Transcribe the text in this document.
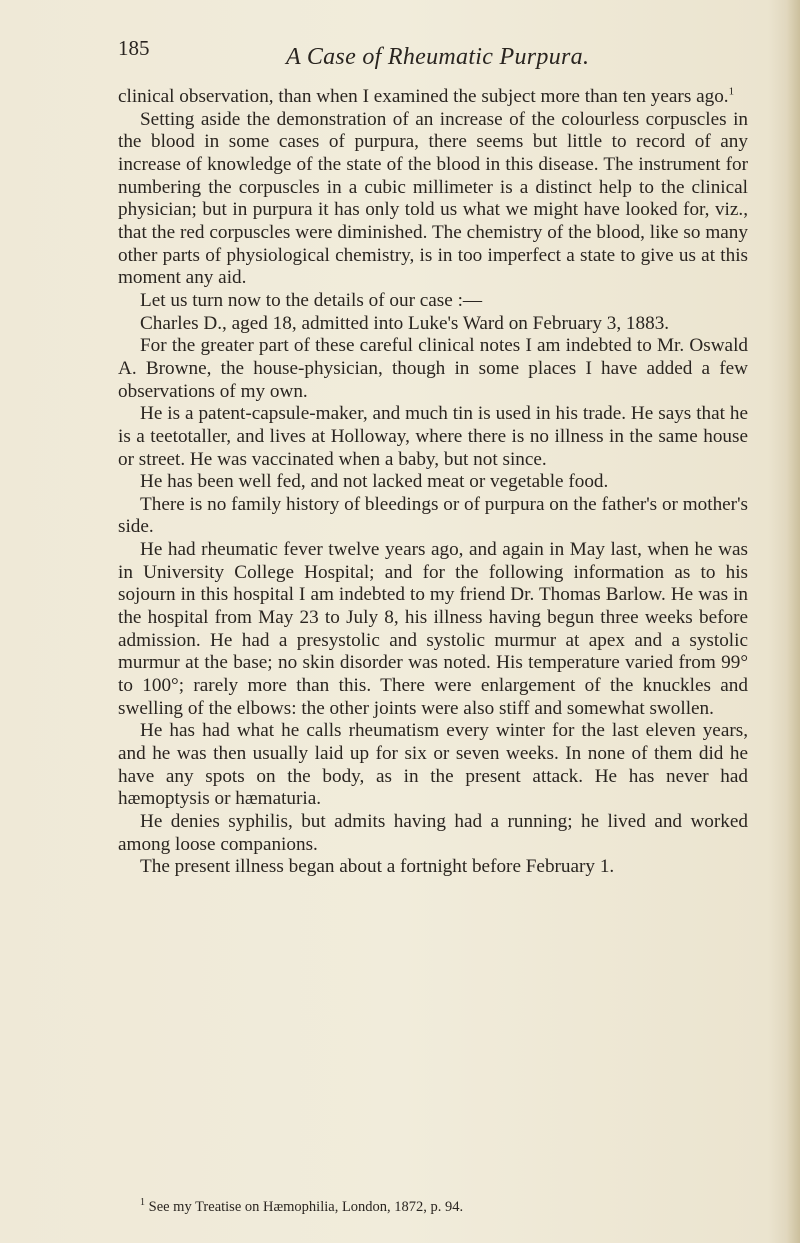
185	A Case of Rheumatic Purpura.

clinical observation, than when I examined the subject more than ten years ago.$^1$

Setting aside the demonstration of an increase of the colourless corpuscles in the blood in some cases of purpura, there seems but little to record of any increase of knowledge of the state of the blood in this disease. The instrument for numbering the corpuscles in a cubic millimeter is a distinct help to the clinical physician; but in purpura it has only told us what we might have looked for, viz., that the red corpuscles were diminished. The chemistry of the blood, like so many other parts of physiological chemistry, is in too imperfect a state to give us at this moment any aid.

Let us turn now to the details of our case :—

Charles D., aged 18, admitted into Luke's Ward on February 3, 1883.

For the greater part of these careful clinical notes I am indebted to Mr. Oswald A. Browne, the house-physician, though in some places I have added a few observations of my own.

He is a patent-capsule-maker, and much tin is used in his trade. He says that he is a teetotaller, and lives at Holloway, where there is no illness in the same house or street. He was vaccinated when a baby, but not since.

He has been well fed, and not lacked meat or vegetable food.

There is no family history of bleedings or of purpura on the father's or mother's side.

He had rheumatic fever twelve years ago, and again in May last, when he was in University College Hospital; and for the following information as to his sojourn in this hospital I am indebted to my friend Dr. Thomas Barlow. He was in the hospital from May 23 to July 8, his illness having begun three weeks before admission. He had a presystolic and systolic murmur at apex and a systolic murmur at the base; no skin disorder was noted. His temperature varied from 99° to 100°; rarely more than this. There were enlargement of the knuckles and swelling of the elbows: the other joints were also stiff and somewhat swollen.

He has had what he calls rheumatism every winter for the last eleven years, and he was then usually laid up for six or seven weeks. In none of them did he have any spots on the body, as in the present attack. He has never had hæmoptysis or hæmaturia.

He denies syphilis, but admits having had a running; he lived and worked among loose companions.

The present illness began about a fortnight before February 1.

$^1$ See my Treatise on Hæmophilia, London, 1872, p. 94.
